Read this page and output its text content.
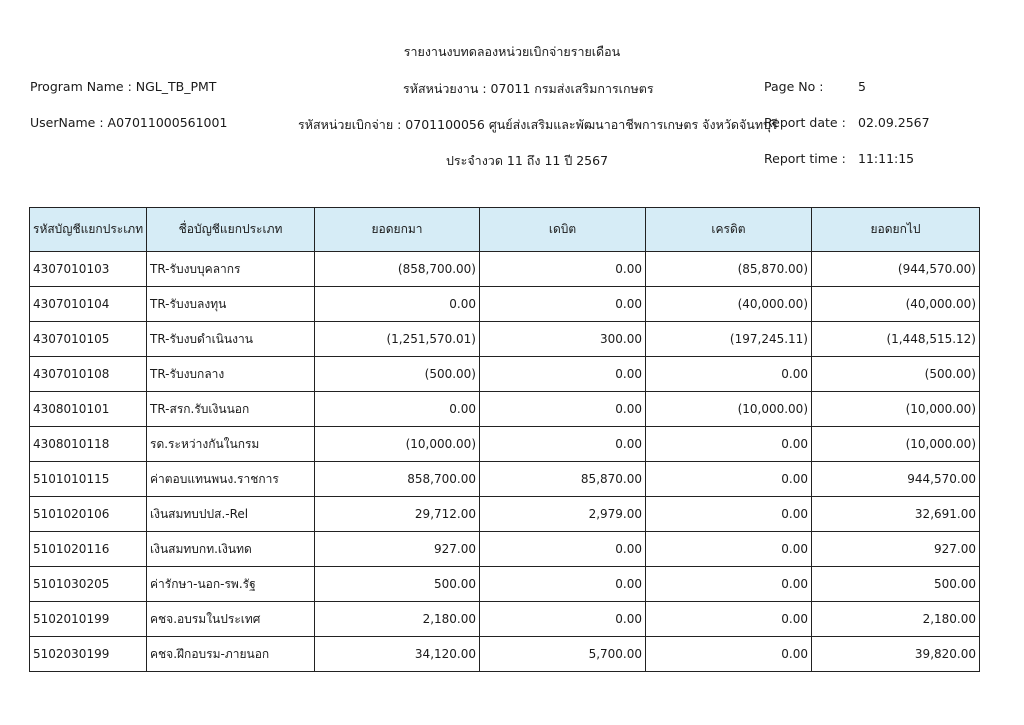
รายงานงบทดลองหน่วยเบิกจ่ายรายเดือน
Program Name : NGL_TB_PMT	รหัสหน่วยงาน : 07011 กรมส่งเสริมการเกษตร	Page No :	5
UserName : A07011000561001	รหัสหน่วยเบิกจ่าย : 0701100056 ศูนย์ส่งเสริมและพัฒนาอาชีพการเกษตร จังหวัดจันทบุรี
Report date : 02.09.2567
ประจำงวด 11 ถึง 11 ปี 2567	Report time : 11:11:15
รหัสบัญชีแยกประเภท	ชื่อบัญชีแยกประเภท	ยอดยกมา	เดบิต	เครดิต	ยอดยกไป
4307010103	TR-รับงบบุคลากร	(858,700.00)	0.00	(85,870.00)	(944,570.00)
4307010104	TR-รับงบลงทุน	0.00	0.00	(40,000.00)	(40,000.00)
4307010105	TR-รับงบดำเนินงาน	(1,251,570.01)	300.00	(197,245.11)	(1,448,515.12)
4307010108	TR-รับงบกลาง	(500.00)	0.00	0.00	(500.00)
4308010101	TR-สรก.รับเงินนอก	0.00	0.00	(10,000.00)	(10,000.00)
4308010118	รด.ระหว่างกันในกรม	(10,000.00)	0.00	0.00	(10,000.00)
5101010115	ค่าตอบแทนพนง.ราชการ	858,700.00	85,870.00	0.00	944,570.00
5101020106	เงินสมทบปปส.-Rel	29,712.00	2,979.00	0.00	32,691.00
5101020116	เงินสมทบกท.เงินทด	927.00	0.00	0.00	927.00
5101030205	ค่ารักษา-นอก-รพ.รัฐ	500.00	0.00	0.00	500.00
5102010199	คชจ.อบรมในประเทศ	2,180.00	0.00	0.00	2,180.00
5102030199	คชจ.ฝึกอบรม-ภายนอก	34,120.00	5,700.00	0.00	39,820.00
